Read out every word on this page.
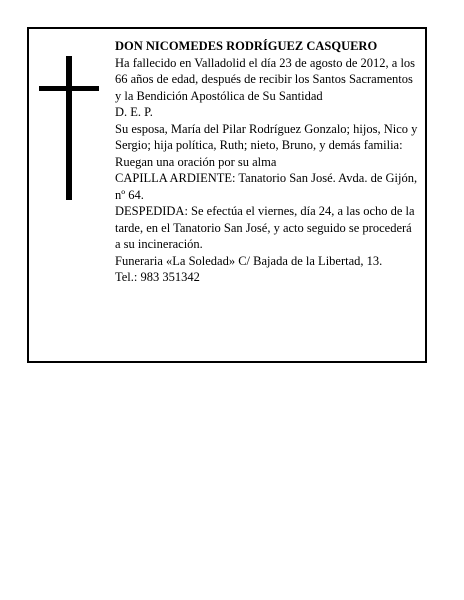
DON NICOMEDES RODRÍGUEZ CASQUERO

Ha fallecido en Valladolid el día 23 de agosto de 2012, a los 66 años de edad, después de recibir los Santos Sacramentos y la Bendición Apostólica de Su Santidad

D. E. P.

Su esposa, María del Pilar Rodríguez Gonzalo; hijos, Nico y Sergio; hija política, Ruth; nieto, Bruno, y demás familia:

Ruegan una oración por su alma

CAPILLA ARDIENTE: Tanatorio San José. Avda. de Gijón, nº 64.

DESPEDIDA: Se efectúa el viernes, día 24, a las ocho de la tarde, en el Tanatorio San José, y acto seguido se procederá a su incineración.

Funeraria «La Soledad» C/ Bajada de la Libertad, 13.

Tel.: 983 351342
